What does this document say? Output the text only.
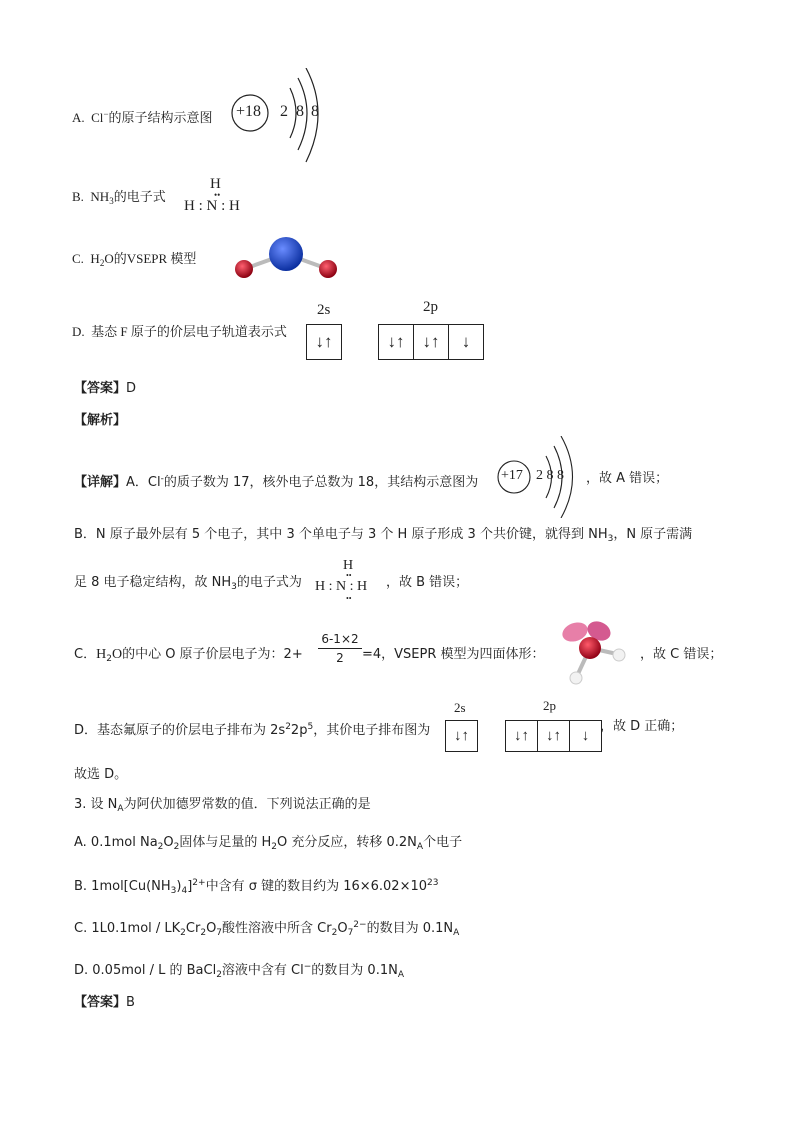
A. Cl−的原子结构示意图 +18 2 8 8
B. $NH_3$的电子式
H
••
H : N : H
C. $H_2O$的VSEPR 模型
D. 基态 F 原子的价层电子轨道表示式
2s
↓↑
2p
↓↑	↓↑	↓
【答案】D
【解析】
【详解】A．Cl-的质子数为 17，核外电子总数为 18，其结构示意图为 +17 2 8 8 ，故 A 错误；
B．N 原子最外层有 5 个电子，其中 3 个单电子与 3 个 H 原子形成 3 个共价键，就得到 $NH_3$，N 原子需满
足 8 电子稳定结构，故 $NH_3$的电子式为
H
••
H : N : H
••
，故 B 错误；
C．$H_2O$的中心 O 原子价层电子为：2+
6-1×2
2	=4，VSEPR 模型为四面体形：	，故 C 错误；
D．基态氟原子的价层电子排布为 $2s^22p^5$，其价电子排布图为
2s
↓↑
2p
↓↑	↓↑	↓
，故 D 正确；
故选 D。
3. 设 $N_A$为阿伏加德罗常数的值．下列说法正确的是
A. 0.1mol $Na_2O_2$固体与足量的 $H_2O$ 充分反应，转移 $0.2N_A$个电子
B. $1mol[Cu(NH_3)_4]^{2+}$中含有 σ 键的数目约为 $16\times 6.02\times 10^{23}$
C. $1L0.1mol / LK_2Cr_2O_7$酸性溶液中所含 $Cr_2O_7^{2-}$的数目为 $0.1N_A$
D. 0.05mol / L 的 BaCl$_2$溶液中含有 Cl−的数目为 $0.1N_A$
【答案】B
